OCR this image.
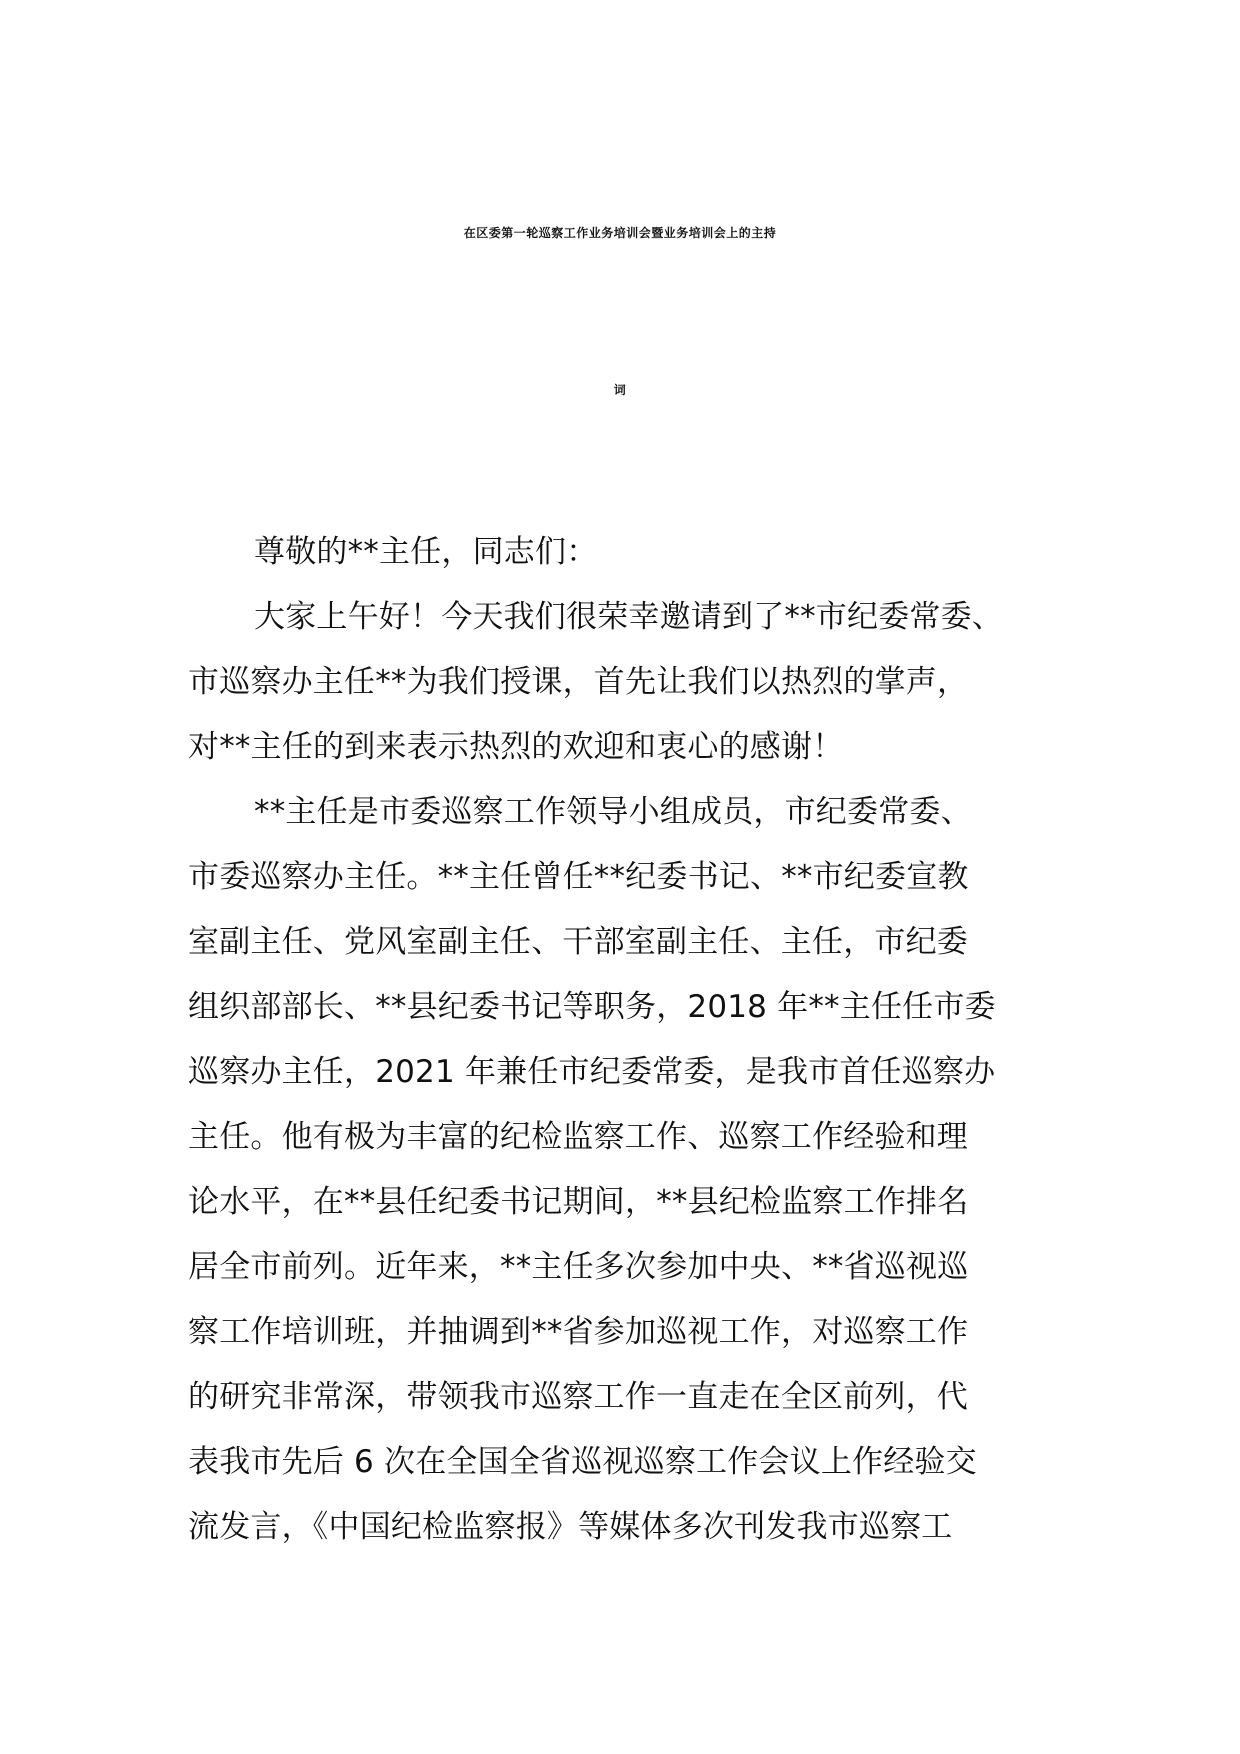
在区委第一轮巡察工作业务培训会暨业务培训会上的主持
词
尊敬的**主任，同志们：
大家上午好！今天我们很荣幸邀请到了**市纪委常委、
市巡察办主任**为我们授课，首先让我们以热烈的掌声，
对**主任的到来表示热烈的欢迎和衷心的感谢！
**主任是市委巡察工作领导小组成员，市纪委常委、
市委巡察办主任。**主任曾任**纪委书记、**市纪委宣教
室副主任、党风室副主任、干部室副主任、主任，市纪委
组织部部长、**县纪委书记等职务，2018 年**主任任市委
巡察办主任，2021 年兼任市纪委常委，是我市首任巡察办
主任。他有极为丰富的纪检监察工作、巡察工作经验和理
论水平，在**县任纪委书记期间，**县纪检监察工作排名
居全市前列。近年来，**主任多次参加中央、**省巡视巡
察工作培训班，并抽调到**省参加巡视工作，对巡察工作
的研究非常深，带领我市巡察工作一直走在全区前列，代
表我市先后 6 次在全国全省巡视巡察工作会议上作经验交
流发言，《中国纪检监察报》等媒体多次刊发我市巡察工
